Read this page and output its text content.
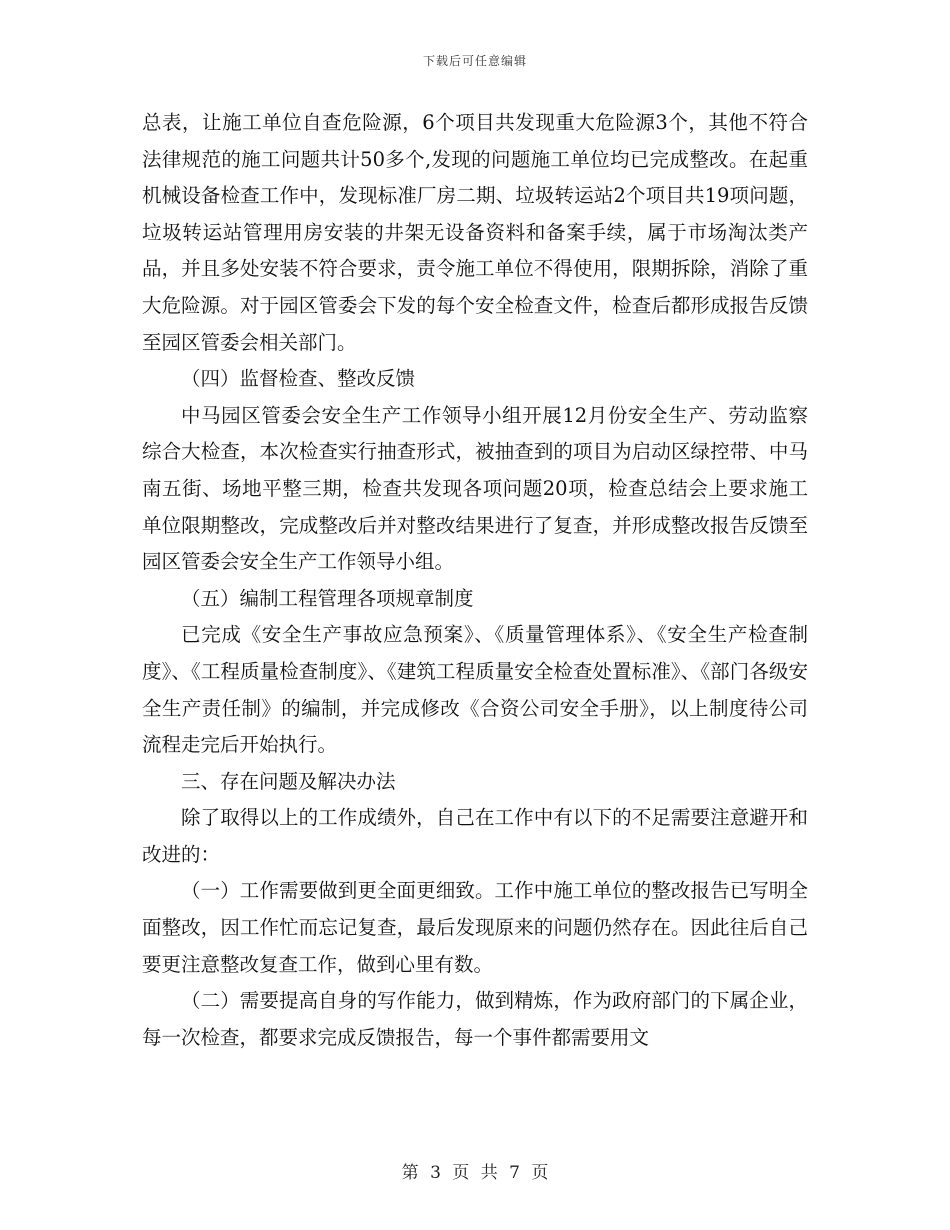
下载后可任意编辑

总表，让施工单位自查危险源，6个项目共发现重大危险源3个，其他不符合法律规范的施工问题共计50多个,发现的问题施工单位均已完成整改。在起重机械设备检查工作中，发现标准厂房二期、垃圾转运站2个项目共19项问题，垃圾转运站管理用房安装的井架无设备资料和备案手续，属于市场淘汰类产品，并且多处安装不符合要求，责令施工单位不得使用，限期拆除，消除了重大危险源。对于园区管委会下发的每个安全检查文件，检查后都形成报告反馈至园区管委会相关部门。

（四）监督检查、整改反馈

中马园区管委会安全生产工作领导小组开展12月份安全生产、劳动监察综合大检查，本次检查实行抽查形式，被抽查到的项目为启动区绿控带、中马南五街、场地平整三期，检查共发现各项问题20项，检查总结会上要求施工单位限期整改，完成整改后并对整改结果进行了复查，并形成整改报告反馈至园区管委会安全生产工作领导小组。

（五）编制工程管理各项规章制度

已完成《安全生产事故应急预案》、《质量管理体系》、《安全生产检查制度》、《工程质量检查制度》、《建筑工程质量安全检查处置标准》、《部门各级安全生产责任制》的编制，并完成修改《合资公司安全手册》，以上制度待公司流程走完后开始执行。

三、存在问题及解决办法

除了取得以上的工作成绩外，自己在工作中有以下的不足需要注意避开和改进的：

（一）工作需要做到更全面更细致。工作中施工单位的整改报告已写明全面整改，因工作忙而忘记复查，最后发现原来的问题仍然存在。因此往后自己要更注意整改复查工作，做到心里有数。

（二）需要提高自身的写作能力，做到精炼，作为政府部门的下属企业，每一次检查，都要求完成反馈报告，每一个事件都需要用文

第 3 页 共 7 页
